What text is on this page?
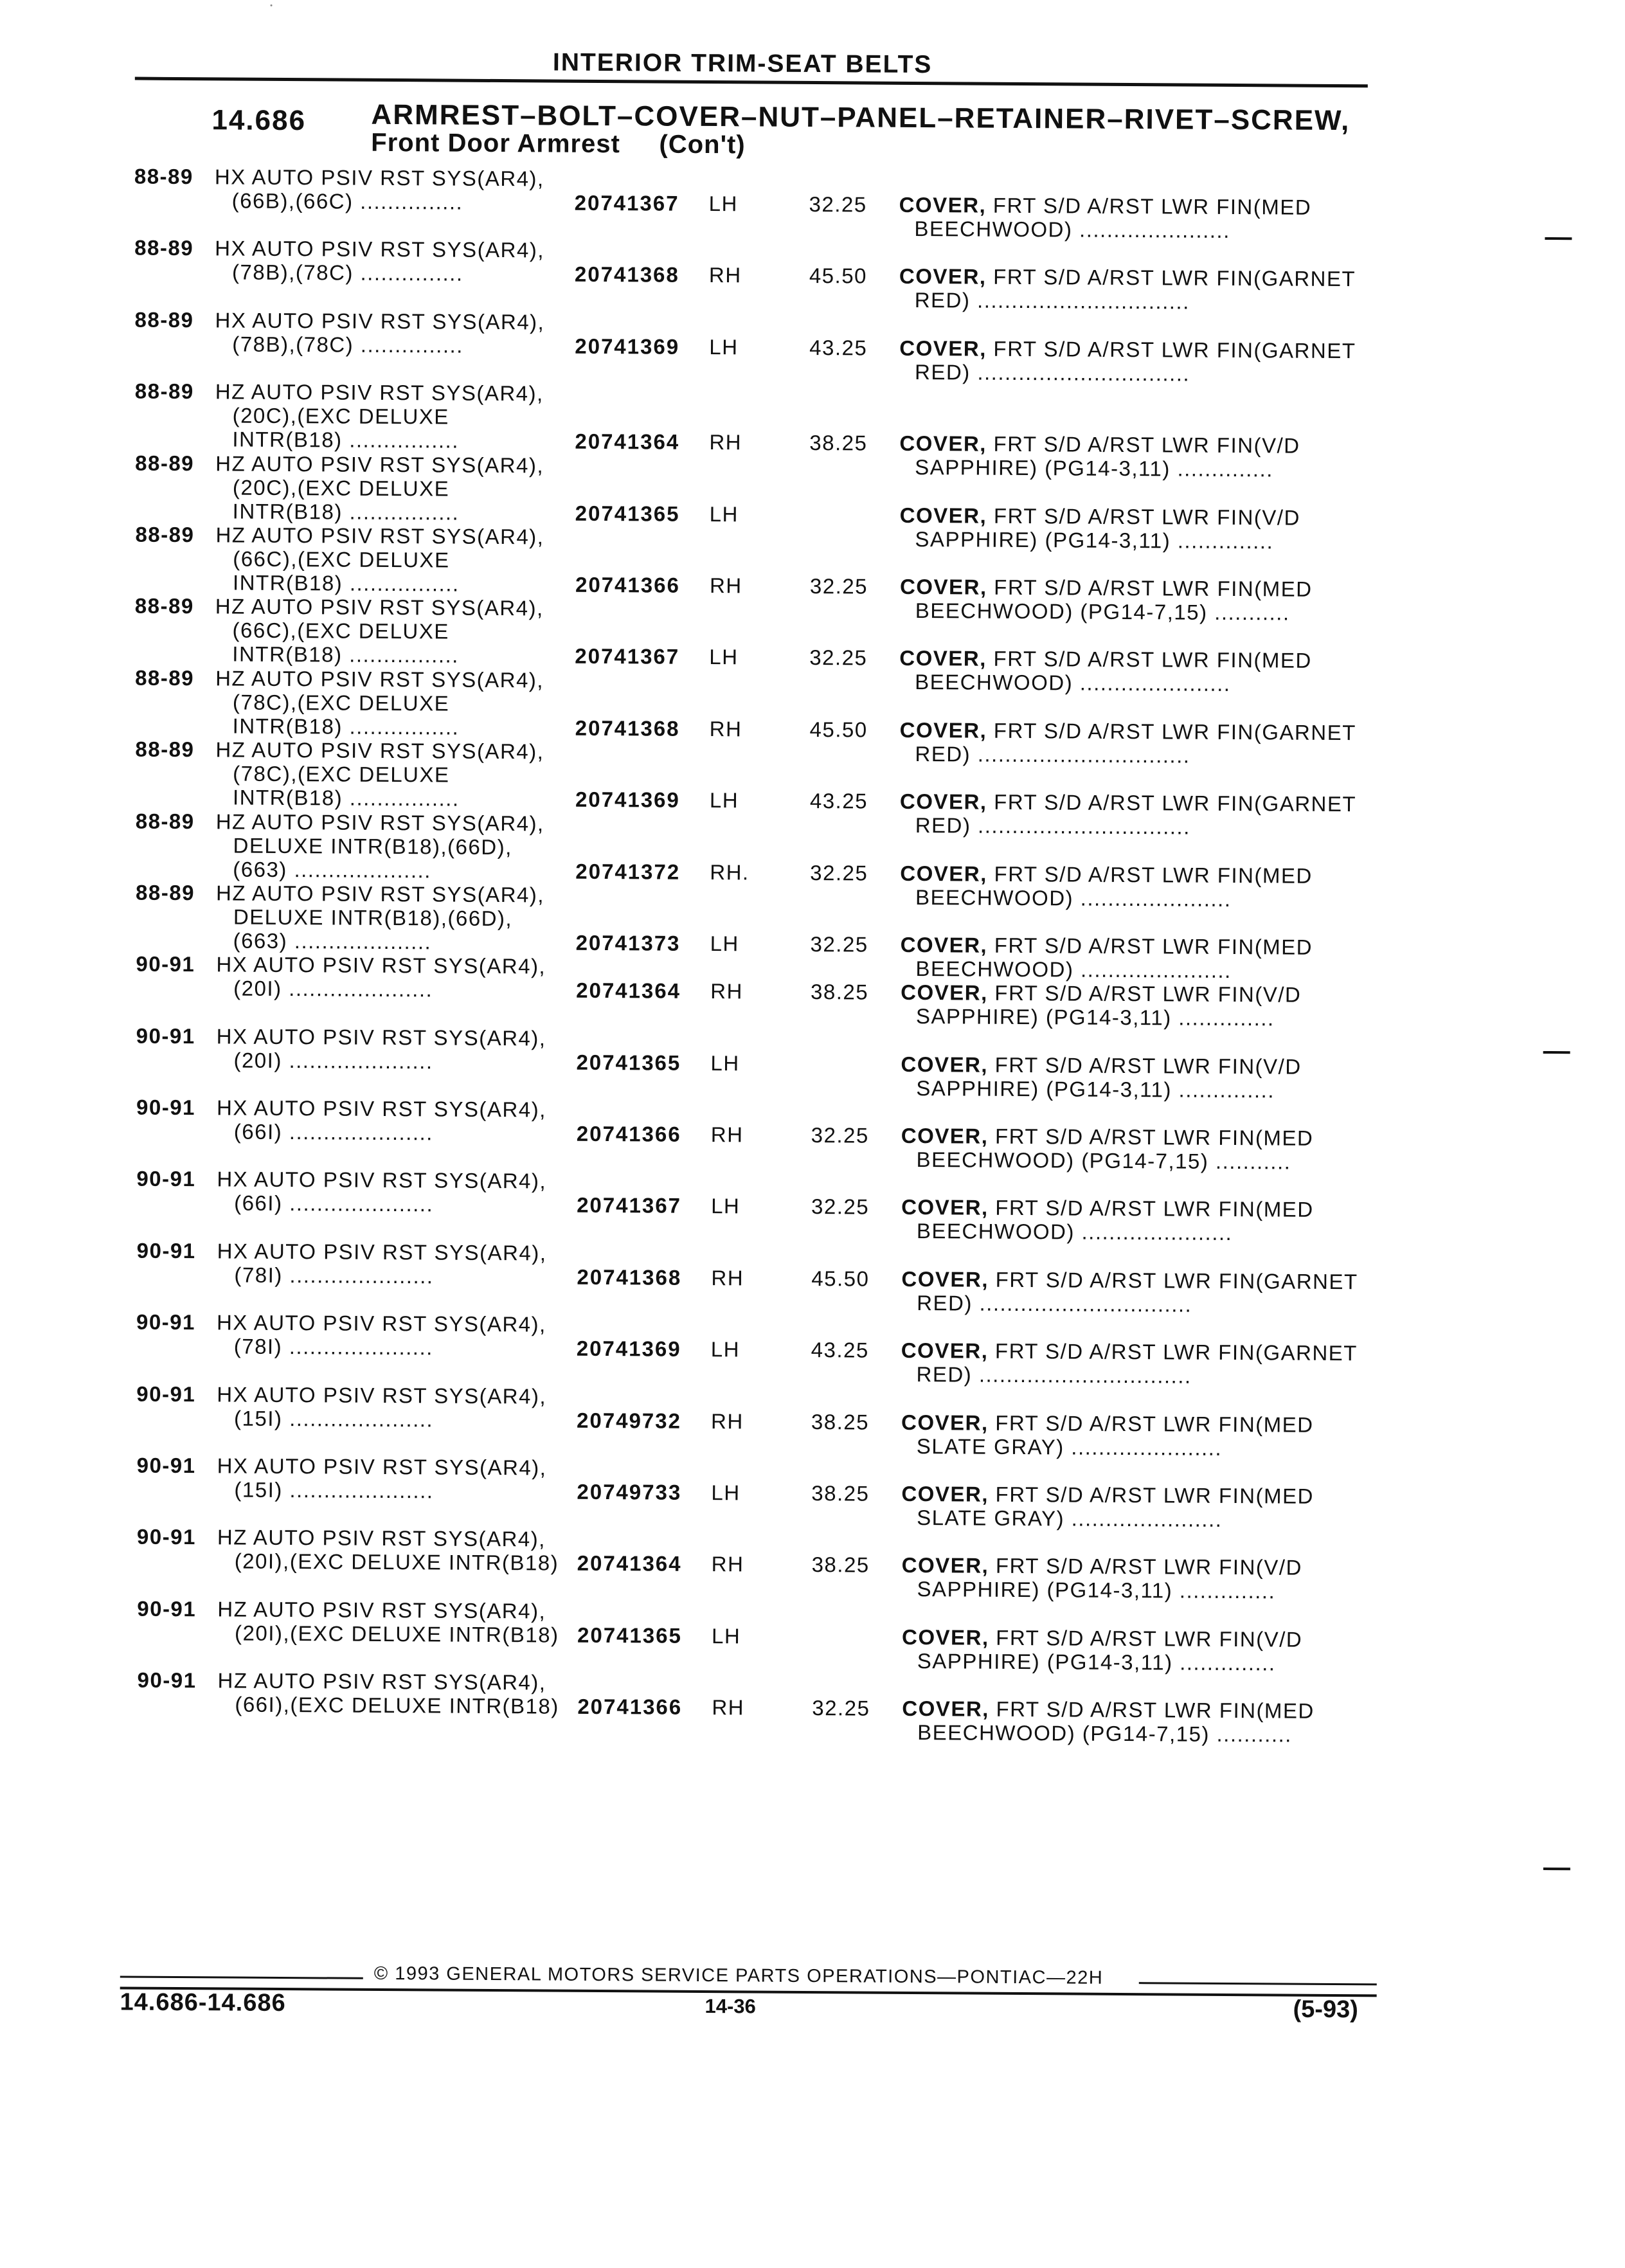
INTERIOR TRIM-SEAT BELTS
14.686 ARMREST–BOLT–COVER–NUT–PANEL–RETAINER–RIVET–SCREW,
Front Door Armrest     (Con't)
88-89 HX AUTO PSIV RST SYS(AR4),
(66B),(66C) ...............	20741367 LH	32.25 COVER, FRT S/D A/RST LWR FIN(MED
BEECHWOOD) ......................
88-89 HX AUTO PSIV RST SYS(AR4),
(78B),(78C) ...............	20741368 RH	45.50 COVER, FRT S/D A/RST LWR FIN(GARNET
RED) ...............................
88-89 HX AUTO PSIV RST SYS(AR4),
(78B),(78C) ...............	20741369 LH	43.25 COVER, FRT S/D A/RST LWR FIN(GARNET
RED) ...............................
88-89 HZ AUTO PSIV RST SYS(AR4),
(20C),(EXC DELUXE
INTR(B18) ................	20741364 RH	38.25 COVER, FRT S/D A/RST LWR FIN(V/D
SAPPHIRE) (PG14-3,11) ..............
88-89 HZ AUTO PSIV RST SYS(AR4),
(20C),(EXC DELUXE
INTR(B18) ................	20741365 LH	COVER, FRT S/D A/RST LWR FIN(V/D
SAPPHIRE) (PG14-3,11) ..............
88-89 HZ AUTO PSIV RST SYS(AR4),
(66C),(EXC DELUXE
INTR(B18) ................	20741366 RH	32.25 COVER, FRT S/D A/RST LWR FIN(MED
BEECHWOOD) (PG14-7,15) ...........
88-89 HZ AUTO PSIV RST SYS(AR4),
(66C),(EXC DELUXE
INTR(B18) ................	20741367 LH	32.25 COVER, FRT S/D A/RST LWR FIN(MED
BEECHWOOD) ......................
88-89 HZ AUTO PSIV RST SYS(AR4),
(78C),(EXC DELUXE
INTR(B18) ................	20741368 RH	45.50 COVER, FRT S/D A/RST LWR FIN(GARNET
RED) ...............................
88-89 HZ AUTO PSIV RST SYS(AR4),
(78C),(EXC DELUXE
INTR(B18) ................	20741369 LH	43.25 COVER, FRT S/D A/RST LWR FIN(GARNET
RED) ...............................
88-89 HZ AUTO PSIV RST SYS(AR4),
DELUXE INTR(B18),(66D),
(663) ....................	20741372 RH.	32.25 COVER, FRT S/D A/RST LWR FIN(MED
BEECHWOOD) ......................
88-89 HZ AUTO PSIV RST SYS(AR4),
DELUXE INTR(B18),(66D),
(663) ....................	20741373 LH	32.25 COVER, FRT S/D A/RST LWR FIN(MED
BEECHWOOD) ......................
90-91 HX AUTO PSIV RST SYS(AR4),
(20I) .....................	20741364 RH	38.25 COVER, FRT S/D A/RST LWR FIN(V/D
SAPPHIRE) (PG14-3,11) ..............
90-91 HX AUTO PSIV RST SYS(AR4),
(20I) .....................	20741365 LH	COVER, FRT S/D A/RST LWR FIN(V/D
SAPPHIRE) (PG14-3,11) ..............
90-91 HX AUTO PSIV RST SYS(AR4),
(66I) .....................	20741366 RH	32.25 COVER, FRT S/D A/RST LWR FIN(MED
BEECHWOOD) (PG14-7,15) ...........
90-91 HX AUTO PSIV RST SYS(AR4),
(66I) .....................	20741367 LH	32.25 COVER, FRT S/D A/RST LWR FIN(MED
BEECHWOOD) ......................
90-91 HX AUTO PSIV RST SYS(AR4),
(78I) .....................	20741368 RH	45.50 COVER, FRT S/D A/RST LWR FIN(GARNET
RED) ...............................
90-91 HX AUTO PSIV RST SYS(AR4),
(78I) .....................	20741369 LH	43.25 COVER, FRT S/D A/RST LWR FIN(GARNET
RED) ...............................
90-91 HX AUTO PSIV RST SYS(AR4),
(15I) .....................	20749732 RH	38.25 COVER, FRT S/D A/RST LWR FIN(MED
SLATE GRAY) ......................
90-91 HX AUTO PSIV RST SYS(AR4),
(15I) .....................	20749733 LH	38.25 COVER, FRT S/D A/RST LWR FIN(MED
SLATE GRAY) ......................
90-91 HZ AUTO PSIV RST SYS(AR4),
(20I),(EXC DELUXE INTR(B18) 20741364 RH	38.25 COVER, FRT S/D A/RST LWR FIN(V/D
SAPPHIRE) (PG14-3,11) ..............
90-91 HZ AUTO PSIV RST SYS(AR4),
(20I),(EXC DELUXE INTR(B18) 20741365 LH	COVER, FRT S/D A/RST LWR FIN(V/D
SAPPHIRE) (PG14-3,11) ..............
90-91 HZ AUTO PSIV RST SYS(AR4),
(66I),(EXC DELUXE INTR(B18) 20741366 RH	32.25 COVER, FRT S/D A/RST LWR FIN(MED
BEECHWOOD) (PG14-7,15) ...........
© 1993 GENERAL MOTORS SERVICE PARTS OPERATIONS—PONTIAC—22H
14.686-14.686	14-36	(5-93)
